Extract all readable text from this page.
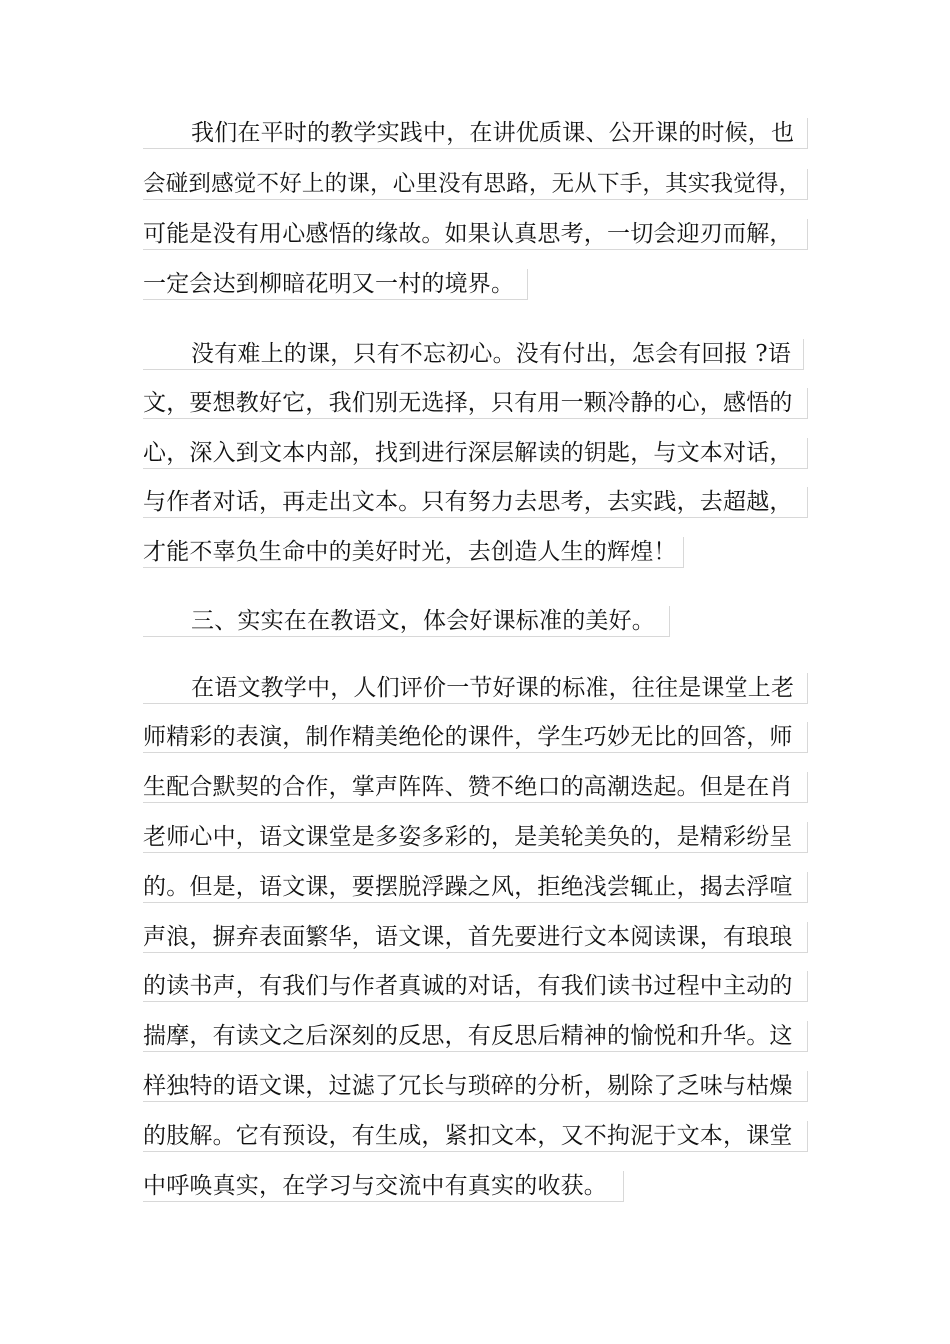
我们在平时的教学实践中，在讲优质课、公开课的时候，也
会碰到感觉不好上的课，心里没有思路，无从下手，其实我觉得，
可能是没有用心感悟的缘故。如果认真思考，一切会迎刃而解，
一定会达到柳暗花明又一村的境界。
没有难上的课，只有不忘初心。没有付出，怎会有回报 ?语
文，要想教好它，我们别无选择，只有用一颗冷静的心，感悟的
心，深入到文本内部，找到进行深层解读的钥匙，与文本对话，
与作者对话，再走出文本。只有努力去思考，去实践，去超越，
才能不辜负生命中的美好时光，去创造人生的辉煌！
三、实实在在教语文，体会好课标准的美好。
在语文教学中，人们评价一节好课的标准，往往是课堂上老
师精彩的表演，制作精美绝伦的课件，学生巧妙无比的回答，师
生配合默契的合作，掌声阵阵、赞不绝口的高潮迭起。但是在肖
老师心中，语文课堂是多姿多彩的，是美轮美奂的，是精彩纷呈
的。但是，语文课，要摆脱浮躁之风，拒绝浅尝辄止，揭去浮喧
声浪，摒弃表面繁华，语文课，首先要进行文本阅读课，有琅琅
的读书声，有我们与作者真诚的对话，有我们读书过程中主动的
揣摩，有读文之后深刻的反思，有反思后精神的愉悦和升华。这
样独特的语文课，过滤了冗长与琐碎的分析，剔除了乏味与枯燥
的肢解。它有预设，有生成，紧扣文本，又不拘泥于文本，课堂
中呼唤真实，在学习与交流中有真实的收获。
